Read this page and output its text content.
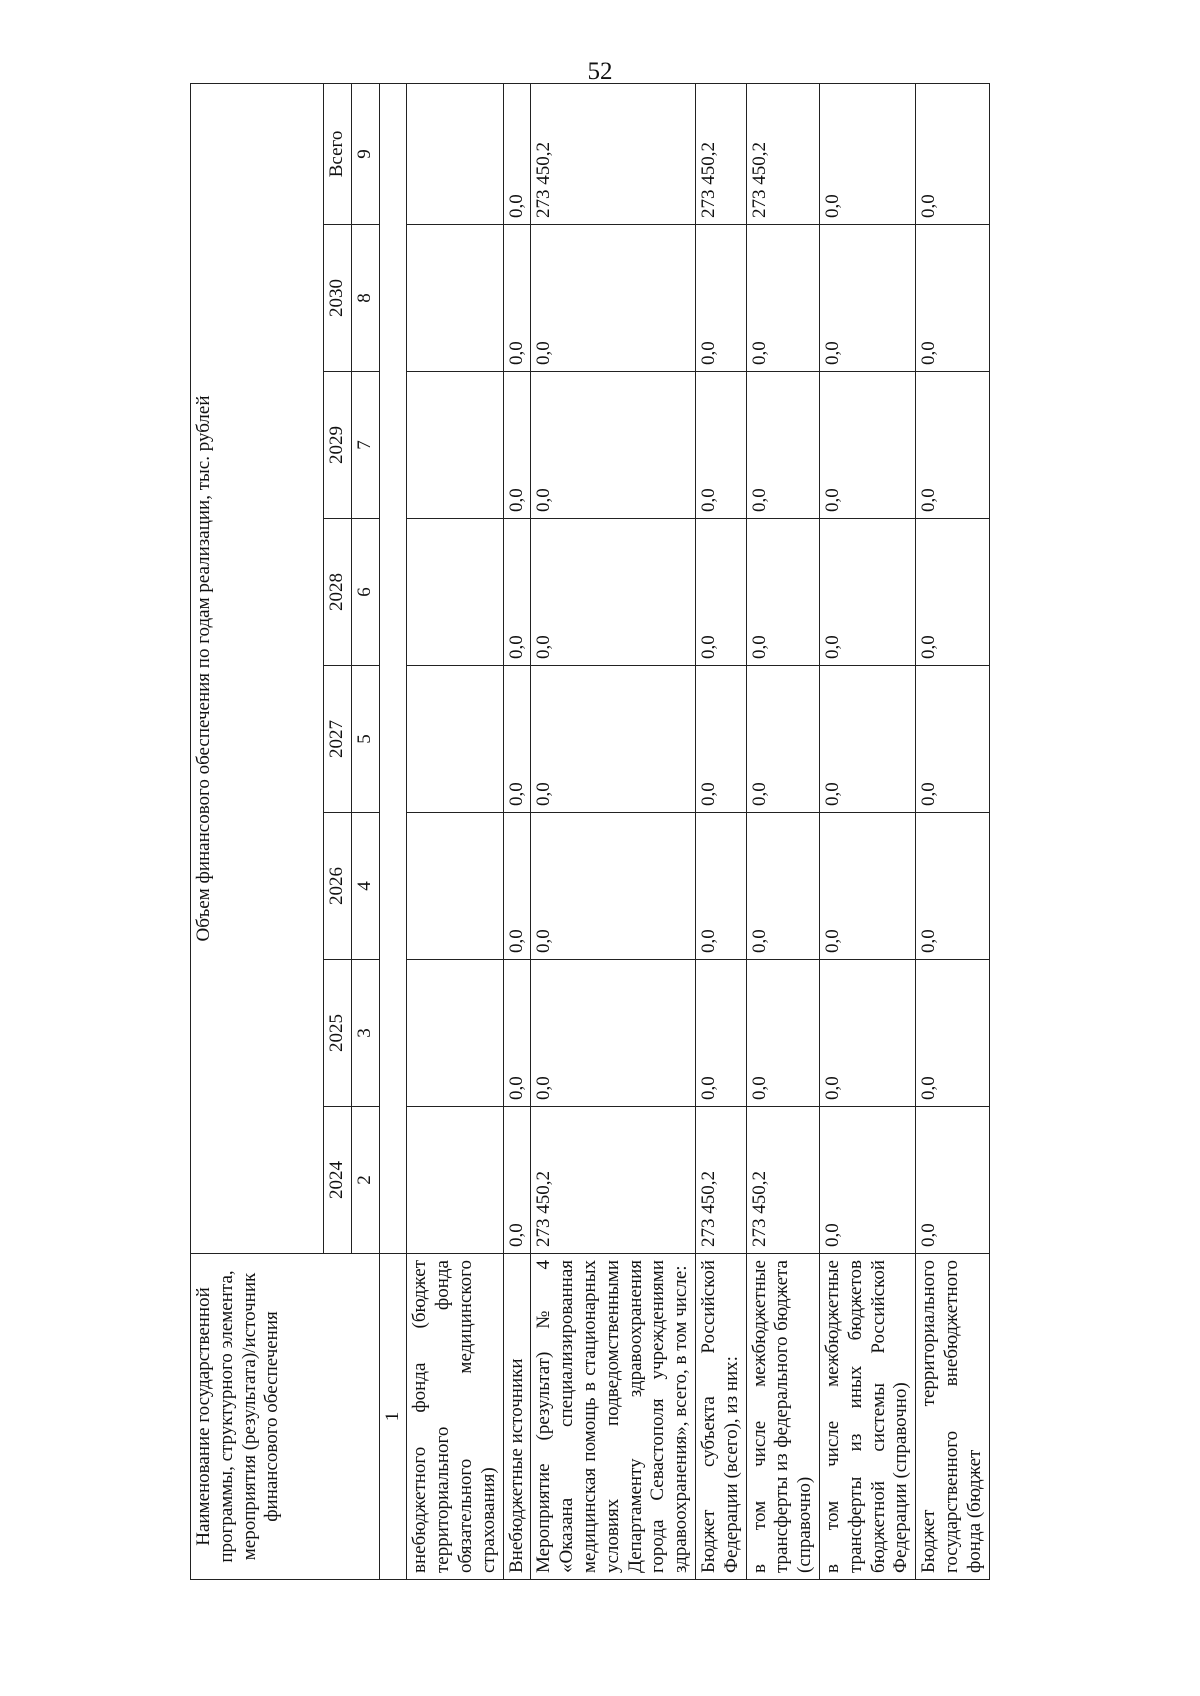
52
Наименование государственной программы, структурного элемента, мероприятия (результата)/источник финансового обеспечения	Объем финансового обеспечения по годам реализации, тыс. рублей							
	2024	2025	2026	2027	2028	2029	2030	Всего
	2	3	4	5	6	7	8	9
1								
внебюджетного фонда (бюджет территориального фонда обязательного медицинского страхования)								
Внебюджетные источники	0,0	0,0	0,0	0,0	0,0	0,0	0,0	0,0
Мероприятие (результат) № 4 «Оказана специализированная медицинская помощь в стационарных условиях подведомственными Департаменту здравоохранения города Севастополя учреждениями здравоохранения», всего, в том числе:	273 450,2	0,0	0,0	0,0	0,0	0,0	0,0	273 450,2
Бюджет субъекта Российской Федерации (всего), из них:	273 450,2	0,0	0,0	0,0	0,0	0,0	0,0	273 450,2
в том числе межбюджетные трансферты из федерального бюджета (справочно)	273 450,2	0,0	0,0	0,0	0,0	0,0	0,0	273 450,2
в том числе межбюджетные трансферты из иных бюджетов бюджетной системы Российской Федерации (справочно)	0,0	0,0	0,0	0,0	0,0	0,0	0,0	0,0
Бюджет территориального государственного внебюджетного фонда (бюджет	0,0	0,0	0,0	0,0	0,0	0,0	0,0	0,0
